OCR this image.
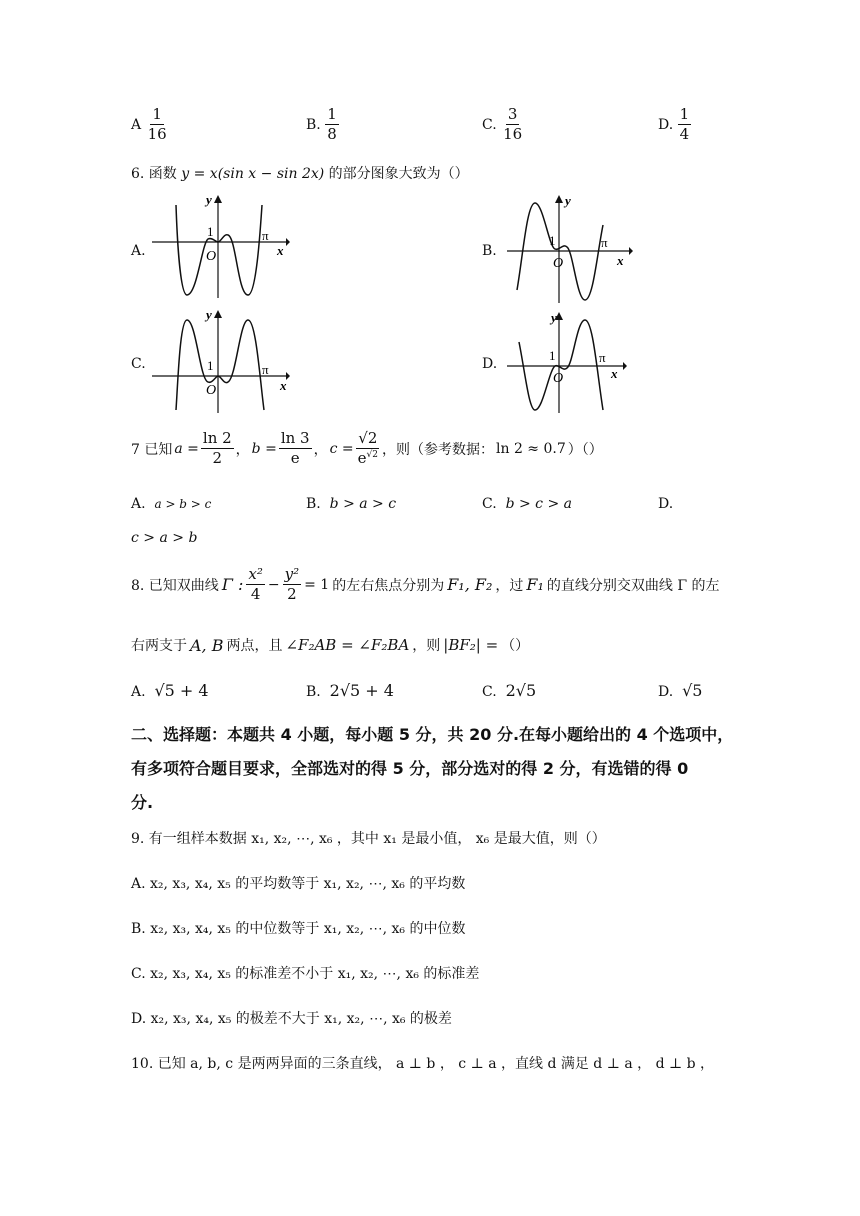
A $\frac{1}{16}$	B. $\frac{1}{8}$	C. $\frac{3}{16}$	D. $\frac{1}{4}$
6. 函数 y = x(sin x − sin 2x) 的部分图象大致为（）
A.	B.
C.	D.
y
1
O
π
x
y
1
O
π
x
y
1
O
π
x
y
1
O
π
x
7 已知 $a = \frac{\ln 2}{2}$ ， $b = \frac{\ln 3}{e}$ ， $c = \frac{√2}{e^{√2}}$ ，则（参考数据： ln 2 ≈ 0.7 ）（）
A. a > b > c	B. b > a > c	C. b > c > a	D.
c > a > b
8. 已知双曲线 Γ : $\frac{\text{x²}}{4} - \frac{\text{y²}}{2} = 1$ 的左右焦点分别为 F₁, F₂ ，过 F₁ 的直线分别交双曲线 Γ 的左
右两支于 A, B 两点，且 ∠F₂AB = ∠F₂BA ，则 |BF₂| = （）
A. √5 + 4	B. 2√5 + 4	C. 2√5	D. √5
二、选择题：本题共 4 小题，每小题 5 分，共 20 分.在每小题给出的 4 个选项中，
有多项符合题目要求，全部选对的得 5 分，部分选对的得 2 分，有选错的得 0
分.
9. 有一组样本数据 x₁, x₂, ⋯, x₆ ，其中 x₁ 是最小值， x₆ 是最大值，则（）
A. x₂, x₃, x₄, x₅ 的平均数等于 x₁, x₂, ⋯, x₆ 的平均数
B. x₂, x₃, x₄, x₅ 的中位数等于 x₁, x₂, ⋯, x₆ 的中位数
C. x₂, x₃, x₄, x₅ 的标准差不小于 x₁, x₂, ⋯, x₆ 的标准差
D. x₂, x₃, x₄, x₅ 的极差不大于 x₁, x₂, ⋯, x₆ 的极差
10. 已知 a, b, c 是两两异面的三条直线， a ⊥ b ， c ⊥ a ，直线 d 满足 d ⊥ a ， d ⊥ b ，
